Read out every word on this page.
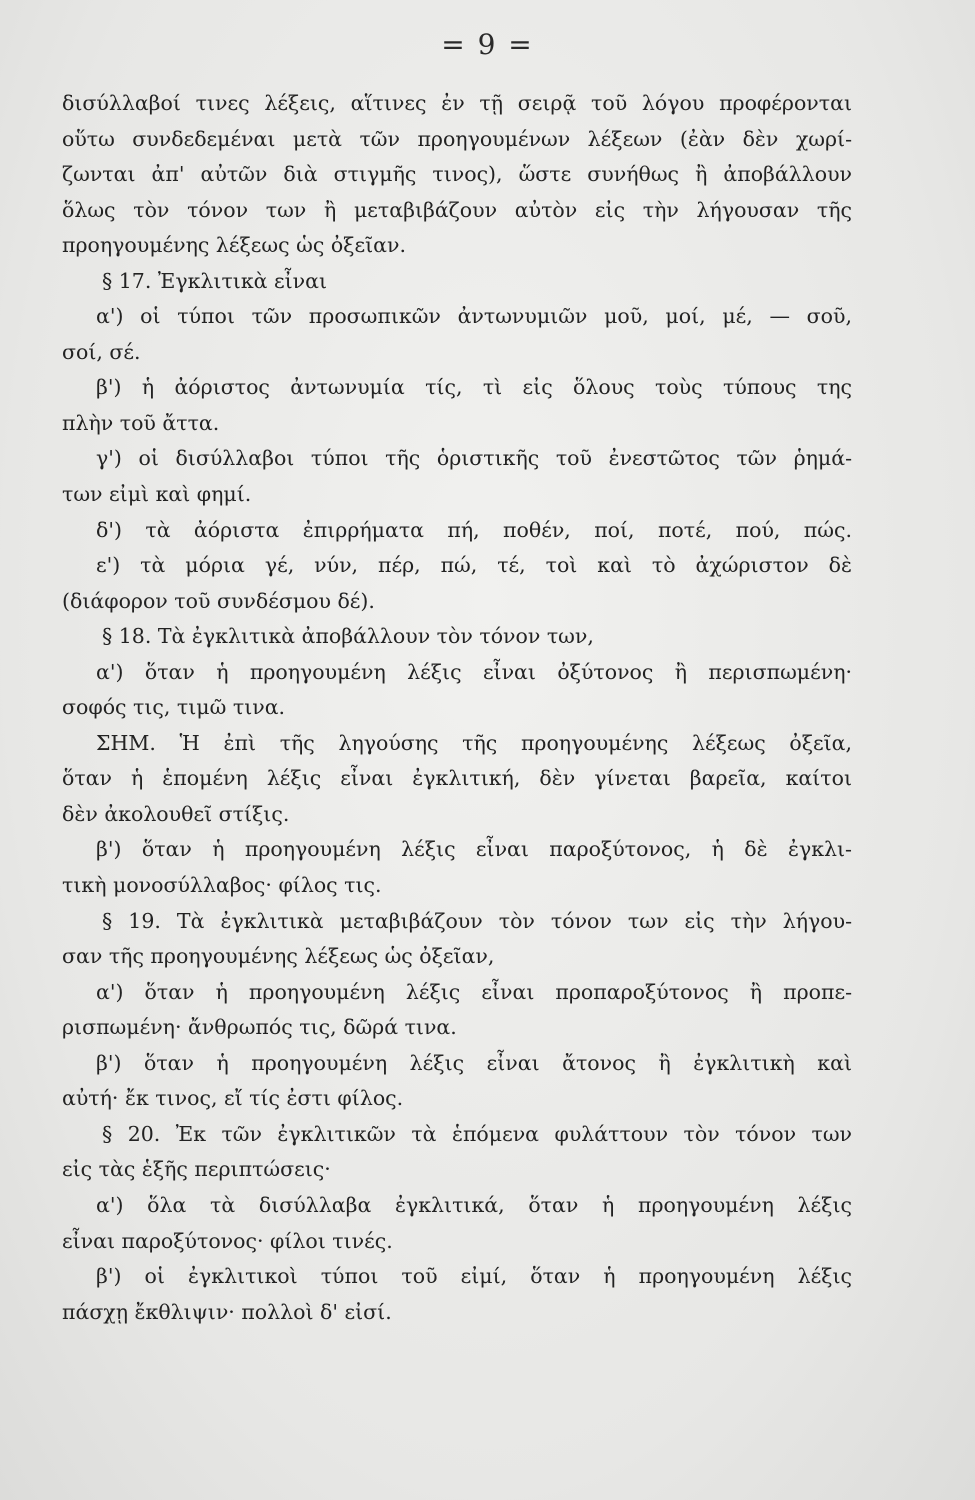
= 9 =
δισύλλαβοί τινες λέξεις, αἵτινες ἐν τῇ σειρᾷ τοῦ λόγου προφέρονται
οὕτω συνδεδεμέναι μετὰ τῶν προηγουμένων λέξεων (ἐὰν δὲν χωρί-
ζωνται ἀπ' αὐτῶν διὰ στιγμῆς τινος), ὥστε συνήθως ἢ ἀποβάλλουν
ὅλως τὸν τόνον των ἢ μεταβιβάζουν αὐτὸν εἰς τὴν λήγουσαν τῆς
προηγουμένης λέξεως ὡς ὀξεῖαν.
§ 17. Ἐγκλιτικὰ εἶναι
α') οἱ τύποι τῶν προσωπικῶν ἀντωνυμιῶν μοῦ, μοί, μέ, — σοῦ,
σοί, σέ.
β') ἡ ἀόριστος ἀντωνυμία τίς, τὶ εἰς ὅλους τοὺς τύπους της
πλὴν τοῦ ἄττα.
γ') οἱ δισύλλαβοι τύποι τῆς ὁριστικῆς τοῦ ἐνεστῶτος τῶν ῥημά-
των εἰμὶ καὶ φημί.
δ') τὰ ἀόριστα ἐπιρρήματα πή, ποθέν, ποί, ποτέ, πού, πώς.
ε') τὰ μόρια γέ, νύν, πέρ, πώ, τέ, τοὶ καὶ τὸ ἀχώριστον δὲ
(διάφορον τοῦ συνδέσμου δέ).
§ 18. Τὰ ἐγκλιτικὰ ἀποβάλλουν τὸν τόνον των,
α') ὅταν ἡ προηγουμένη λέξις εἶναι ὀξύτονος ἢ περισπωμένη·
σοφός τις, τιμῶ τινα.
ΣΗΜ. Ἡ ἐπὶ τῆς ληγούσης τῆς προηγουμένης λέξεως ὀξεῖα,
ὅταν ἡ ἑπομένη λέξις εἶναι ἐγκλιτική, δὲν γίνεται βαρεῖα, καίτοι
δὲν ἀκολουθεῖ στίξις.
β') ὅταν ἡ προηγουμένη λέξις εἶναι παροξύτονος, ἡ δὲ ἐγκλι-
τικὴ μονοσύλλαβος· φίλος τις.
§ 19. Τὰ ἐγκλιτικὰ μεταβιβάζουν τὸν τόνον των εἰς τὴν λήγου-
σαν τῆς προηγουμένης λέξεως ὡς ὀξεῖαν,
α') ὅταν ἡ προηγουμένη λέξις εἶναι προπαροξύτονος ἢ προπε-
ρισπωμένη· ἄνθρωπός τις, δῶρά τινα.
β') ὅταν ἡ προηγουμένη λέξις εἶναι ἄτονος ἢ ἐγκλιτικὴ καὶ
αὐτή· ἔκ τινος, εἴ τίς ἐστι φίλος.
§ 20. Ἐκ τῶν ἐγκλιτικῶν τὰ ἑπόμενα φυλάττουν τὸν τόνον των
εἰς τὰς ἑξῆς περιπτώσεις·
α') ὅλα τὰ δισύλλαβα ἐγκλιτικά, ὅταν ἡ προηγουμένη λέξις
εἶναι παροξύτονος· φίλοι τινές.
β') οἱ ἐγκλιτικοὶ τύποι τοῦ εἰμί, ὅταν ἡ προηγουμένη λέξις
πάσχῃ ἔκθλιψιν· πολλοὶ δ' εἰσί.
